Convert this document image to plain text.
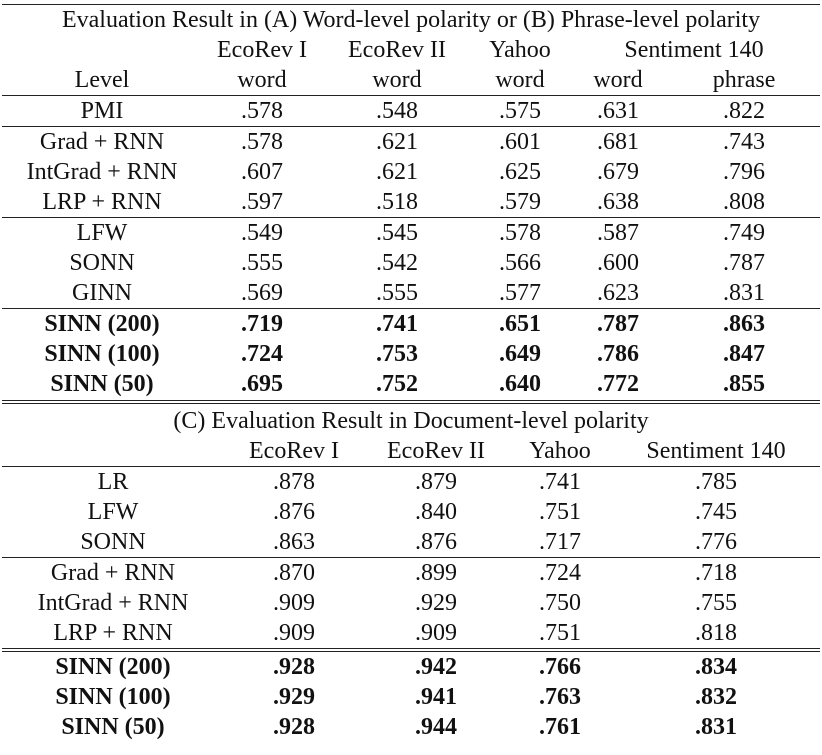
Evaluation Result in (A) Word-level polarity or (B) Phrase-level polarity					
	EcoRev I	EcoRev II	Yahoo	Sentiment 140	
Level	word	word	word	word	phrase
PMI	.578	.548	.575	.631	.822
Grad + RNN	.578	.621	.601	.681	.743
IntGrad + RNN	.607	.621	.625	.679	.796
LRP + RNN	.597	.518	.579	.638	.808
LFW	.549	.545	.578	.587	.749
SONN	.555	.542	.566	.600	.787
GINN	.569	.555	.577	.623	.831
SINN (200)	.719	.741	.651	.787	.863
SINN (100)	.724	.753	.649	.786	.847
SINN (50)	.695	.752	.640	.772	.855
(C) Evaluation Result in Document-level polarity				
	EcoRev I	EcoRev II	Yahoo	Sentiment 140
LR	.878	.879	.741	.785
LFW	.876	.840	.751	.745
SONN	.863	.876	.717	.776
Grad + RNN	.870	.899	.724	.718
IntGrad + RNN	.909	.929	.750	.755
LRP + RNN	.909	.909	.751	.818
SINN (200)	.928	.942	.766	.834
SINN (100)	.929	.941	.763	.832
SINN (50)	.928	.944	.761	.831
